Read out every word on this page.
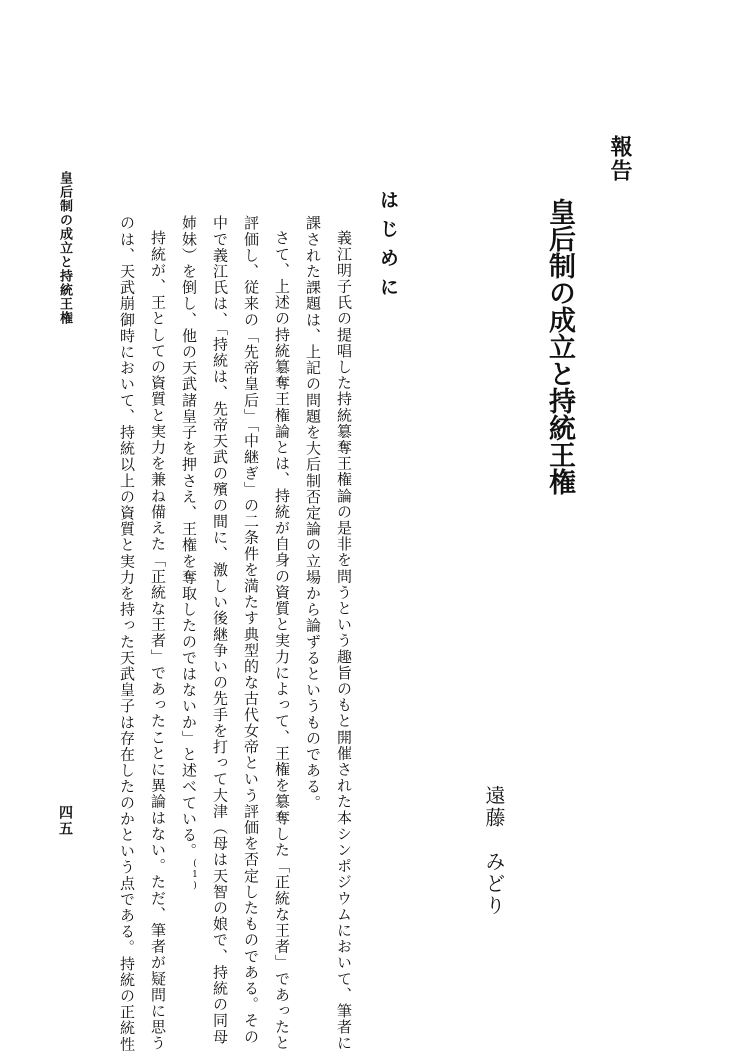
報告
皇后制の成立と持統王権
遠藤　みどり
はじめに
義江明子氏の提唱した持統簒奪王権論の是非を問うという趣旨のもと開催された本シンポジウムにおいて、筆者に
課された課題は、上記の問題を大后制否定論の立場から論ずるというものである。
さて、上述の持統簒奪王権論とは、持統が自身の資質と実力によって、王権を簒奪した「正統な王者」であったと
評価し、従来の「先帝皇后」「中継ぎ」の二条件を満たす典型的な古代女帝という評価を否定したものである。その
中で義江氏は、「持統は、先帝天武の殯の間に、激しい後継争いの先手を打って大津（母は天智の娘で、持統の同母
姉妹）を倒し、他の天武諸皇子を押さえ、王権を奪取したのではないか」と述べている。$^{(1)}$
持統が、王としての資質と実力を兼ね備えた「正統な王者」であったことに異論はない。ただ、筆者が疑問に思う
のは、天武崩御時において、持統以上の資質と実力を持った天武皇子は存在したのかという点である。持統の正統性
皇后制の成立と持統王権
四五
